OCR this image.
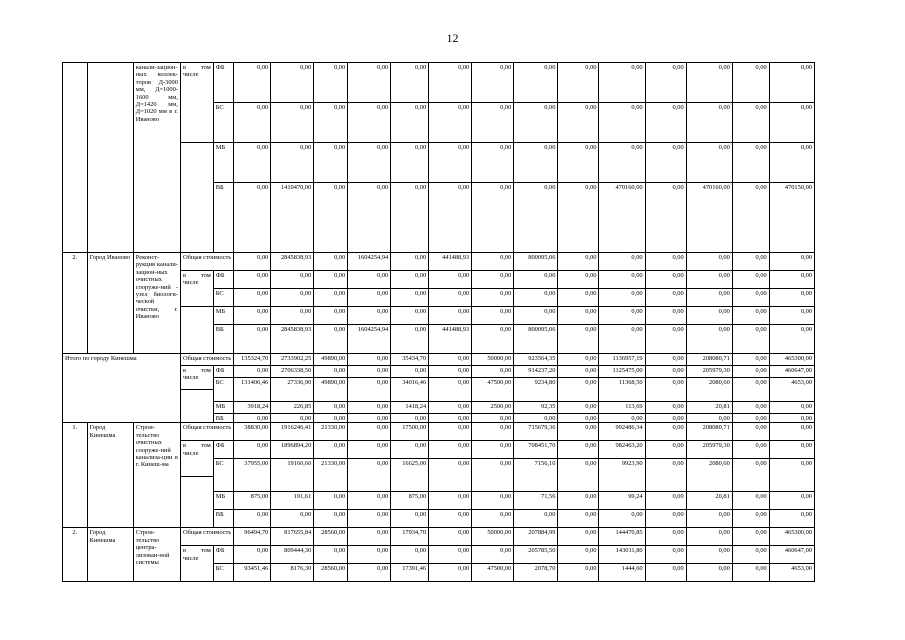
12
		канали-зацион-ных коллек-торов Д-3000 мм, Д=1000-1600 мм, Д=1420 мм, Д=1020 мм в г. Иваново	в том числе	ФБ	0,00	0,00	0,00	0,00	0,00	0,00	0,00	0,00	0,00	0,00	0,00	0,00	0,00	0,00

				БС	0,00	0,00	0,00	0,00	0,00	0,00	0,00	0,00	0,00	0,00	0,00	0,00	0,00	0,00

				МБ	0,00	0,00	0,00	0,00	0,00	0,00	0,00	0,00	0,00	0,00	0,00	0,00	0,00	0,00

				ВБ	0,00	1410470,00	0,00	0,00	0,00	0,00	0,00	0,00	0,00	470160,00	0,00	470160,00	0,00	470150,00

2.	Город Иваново	Реконст-рукция канали-зацион-ных очистных сооруже-ний - узел биологи-ческой очистки, г. Иваново	Общая стоимость		0,00	2845838,93	0,00	1604254,94	0,00	441488,93	0,00	800095,06	0,00	0,00	0,00	0,00	0,00	0,00
			в том числе	ФБ	0,00	0,00	0,00	0,00	0,00	0,00	0,00	0,00	0,00	0,00	0,00	0,00	0,00	0,00
				БС	0,00	0,00	0,00	0,00	0,00	0,00	0,00	0,00	0,00	0,00	0,00	0,00	0,00	0,00
				МБ	0,00	0,00	0,00	0,00	0,00	0,00	0,00	0,00	0,00	0,00	0,00	0,00	0,00	0,00
				ВБ	0,00	2845838,93	0,00	1604254,94	0,00	441488,93	0,00	800095,06	0,00	0,00	0,00	0,00	0,00	0,00

Итого по городу Кинешма			Общая стоимость		135324,70	2733902,25	49890,00	0,00	35434,70	0,00	50000,00	923564,35	0,00	1136957,19	0,00	208080,71	0,00	465300,00
			в том числе	ФБ	0,00	2706338,50	0,00	0,00	0,00	0,00	0,00	914237,20	0,00	1125475,00	0,00	205979,30	0,00	460647,00
				БС	131406,46	27336,90	49890,00	0,00	34016,46	0,00	47500,00	9234,80	0,00	11368,50	0,00	2080,60	0,00	4653,00

				МБ	3918,24	226,85	0,00	0,00	1418,24	0,00	2500,00	92,35	0,00	113,69	0,00	20,81	0,00	0,00
				ВБ	0,00	0,00	0,00	0,00	0,00	0,00	0,00	0,00	0,00	0,00	0,00	0,00	0,00	0,00
1.	Город Кинешма	Строи-тельство очистных сооруже-ний канализа-ции в г. Кинеш-ма	Общая стоимость		38830,00	1916246,41	21330,00	0,00	17500,00	0,00	0,00	715679,36	0,00	992486,34	0,00	208080,71	0,00	0,00
			в том числе	ФБ	0,00	1896894,20	0,00	0,00	0,00	0,00	0,00	708451,70	0,00	982463,20	0,00	205979,30	0,00	0,00
				БС	37955,00	19160,60	21330,00	0,00	16625,00	0,00	0,00	7156,10	0,00	9923,90	0,00	2080,60	0,00	0,00

				МБ	875,00	191,61	0,00	0,00	875,00	0,00	0,00	71,56	0,00	99,24	0,00	20,81	0,00	0,00
				ВБ	0,00	0,00	0,00	0,00	0,00	0,00	0,00	0,00	0,00	0,00	0,00	0,00	0,00	0,00
2.	Город Кинешма	Строи-тельство центра-лизован-ной системы	Общая стоимость		96494,70	817655,84	28560,00	0,00	17934,70	0,00	50000,00	207884,99	0,00	144470,85	0,00	0,00	0,00	465300,00
			в том числе	ФБ	0,00	809444,30	0,00	0,00	0,00	0,00	0,00	205785,50	0,00	143011,80	0,00	0,00	0,00	460647,00
				БС	93451,46	8176,30	28560,00	0,00	17391,46	0,00	47500,00	2078,70	0,00	1444,60	0,00	0,00	0,00	4653,00
